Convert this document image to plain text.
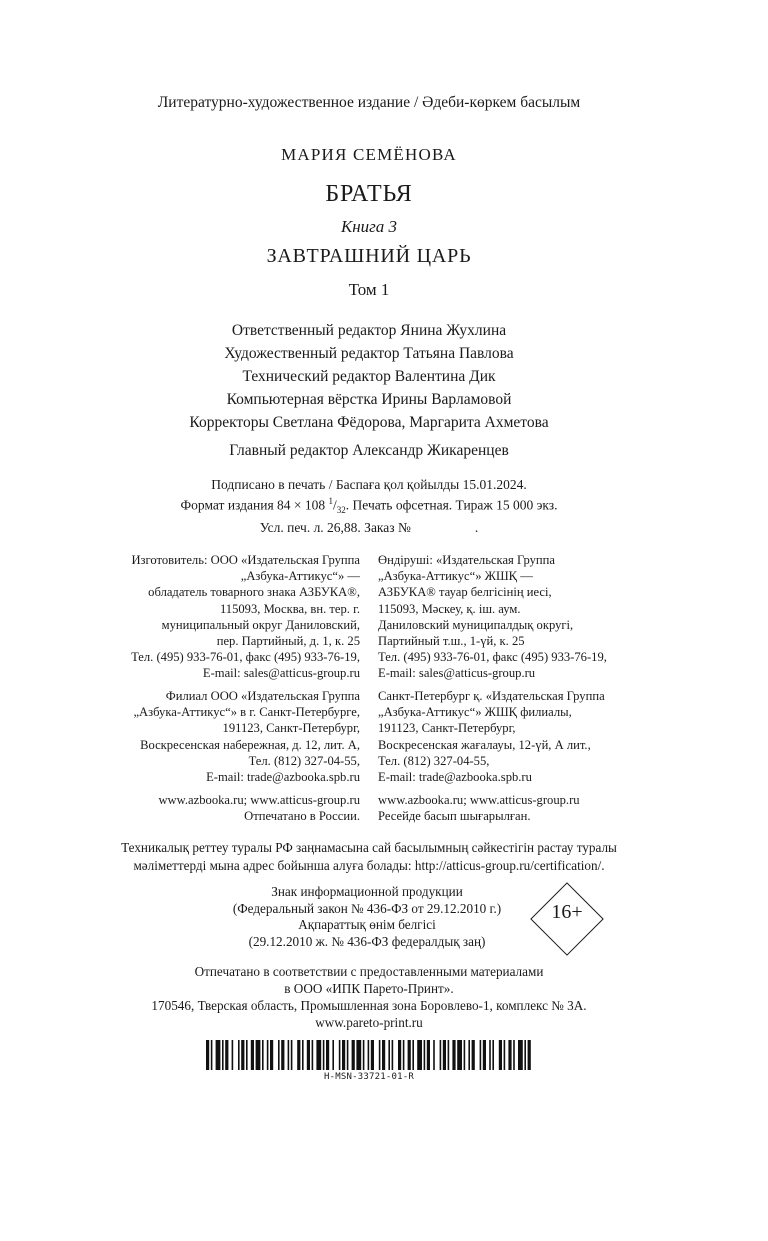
Литературно-художественное издание / Әдеби-көркем басылым
МАРИЯ СЕМЁНОВА
БРАТЬЯ
Книга 3
ЗАВТРАШНИЙ ЦАРЬ
Том 1
Ответственный редактор Янина Жухлина
Художественный редактор Татьяна Павлова
Технический редактор Валентина Дик
Компьютерная вёрстка Ирины Варламовой
Корректоры Светлана Фёдорова, Маргарита Ахметова
Главный редактор Александр Жикаренцев
Подписано в печать / Баспаға қол қойылды 15.01.2024.
Формат издания 84 × 108 $^1/_{32}$. Печать офсетная. Тираж 15 000 экз.
Усл. печ. л. 26,88. Заказ №	.
Изготовитель: ООО «Издательская Группа
„Азбука-Аттикус“» —
обладатель товарного знака АЗБУКА®,
115093, Москва, вн. тер. г.
муниципальный округ Даниловский,
пер. Партийный, д. 1, к. 25
Тел. (495) 933-76-01, факс (495) 933-76-19,
E-mail: sales@atticus-group.ru
Өндіруші: «Издательская Группа
„Азбука-Аттикус“» ЖШҚ —
АЗБУКА® тауар белгісінің иесі,
115093, Мәскеу, қ. іш. аум.
Даниловский муниципалдық округі,
Партийный т.ш., 1-үй, к. 25
Тел. (495) 933-76-01, факс (495) 933-76-19,
E-mail: sales@atticus-group.ru
Филиал ООО «Издательская Группа
„Азбука-Аттикус“» в г. Санкт-Петербурге,
191123, Санкт-Петербург,
Воскресенская набережная, д. 12, лит. А,
Тел. (812) 327-04-55,
E-mail: trade@azbooka.spb.ru
Санкт-Петербург қ. «Издательская Группа
„Азбука-Аттикус“» ЖШҚ филиалы,
191123, Санкт-Петербург,
Воскресенская жағалауы, 12-үй, А лит.,
Тел. (812) 327-04-55,
E-mail: trade@azbooka.spb.ru
www.azbooka.ru; www.atticus-group.ru
Отпечатано в России.
www.azbooka.ru; www.atticus-group.ru
Ресейде басып шығарылған.
Техникалық реттеу туралы РФ заңнамасына сай басылымның сәйкестігін растау туралы
мәліметтерді мына адрес бойынша алуға болады: http://atticus-group.ru/certification/.
Знак информационной продукции
(Федеральный закон № 436-ФЗ от 29.12.2010 г.)
Ақпараттық өнім белгісі
(29.12.2010 ж. № 436-ФЗ федералдық заң)
16+
Отпечатано в соответствии с предоставленными материалами
в ООО «ИПК Парето-Принт».
170546, Тверская область, Промышленная зона Боровлево-1, комплекс № 3А.
www.pareto-print.ru
H-MSN-33721-01-R
